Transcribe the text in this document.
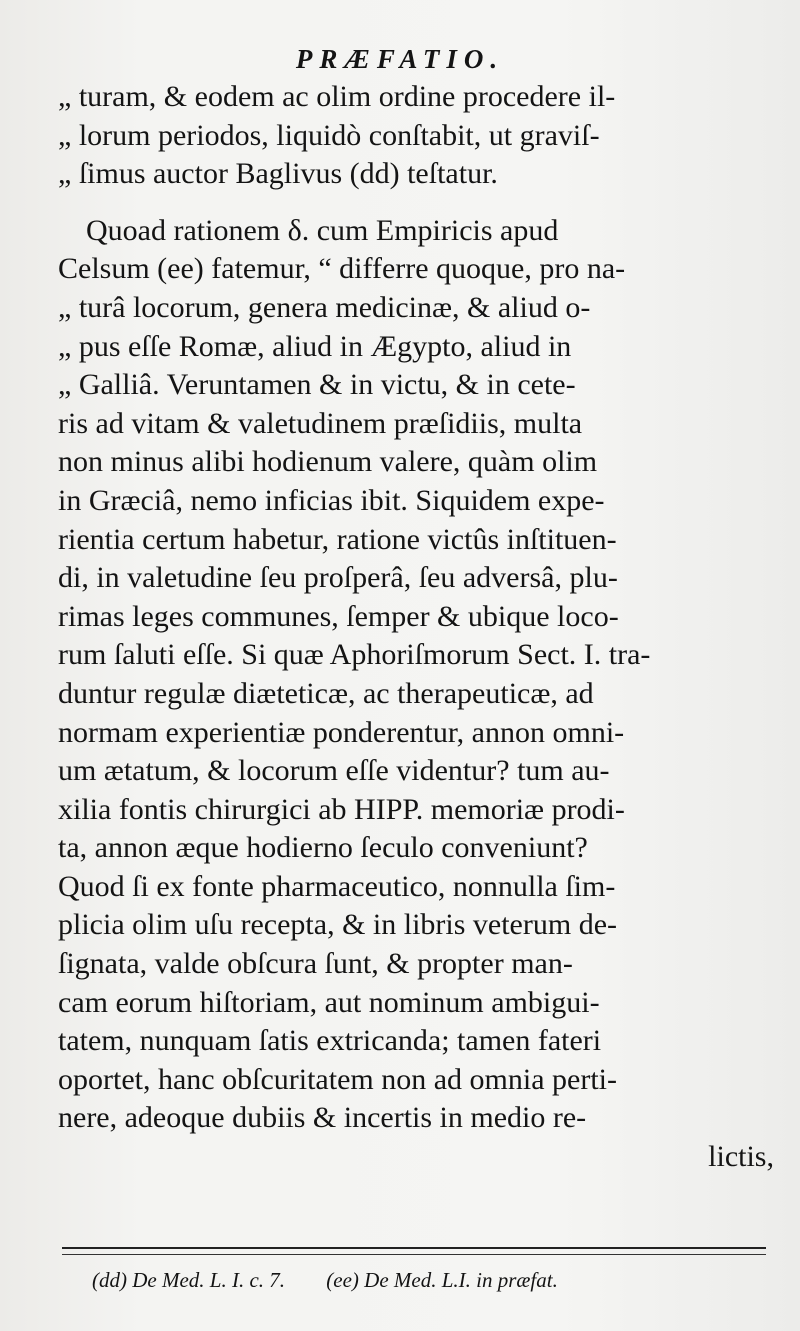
PRÆFATIO.
„ turam, & eodem ac olim ordine procedere il-
„ lorum periodos, liquidò conſtabit, ut graviſ-
„ ſimus auctor Baglivus (dd) teſtatur.
Quoad rationem δ. cum Empiricis apud
Celsum (ee) fatemur, “ differre quoque, pro na-
„ turâ locorum, genera medicinæ, & aliud o-
„ pus eſſe Romæ, aliud in Ægypto, aliud in
„ Galliâ. Veruntamen & in victu, & in cete-
ris ad vitam & valetudinem præſidiis, multa
non minus alibi hodienum valere, quàm olim
in Græciâ, nemo inficias ibit. Siquidem expe-
rientia certum habetur, ratione victûs inſtituen-
di, in valetudine ſeu proſperâ, ſeu adversâ, plu-
rimas leges communes, ſemper & ubique loco-
rum ſaluti eſſe. Si quæ Aphoriſmorum Sect. I. tra-
duntur regulæ diæteticæ, ac therapeuticæ, ad
normam experientiæ ponderentur, annon omni-
um ætatum, & locorum eſſe videntur? tum au-
xilia fontis chirurgici ab HIPP. memoriæ prodi-
ta, annon æque hodierno ſeculo conveniunt?
Quod ſi ex fonte pharmaceutico, nonnulla ſim-
plicia olim uſu recepta, & in libris veterum de-
ſignata, valde obſcura ſunt, & propter man-
cam eorum hiſtoriam, aut nominum ambigui-
tatem, nunquam ſatis extricanda; tamen fateri
oportet, hanc obſcuritatem non ad omnia perti-
nere, adeoque dubiis & incertis in medio re-
lictis,
(dd) De Med. L. I. c. 7. (ee) De Med. L.I. in præfat.
